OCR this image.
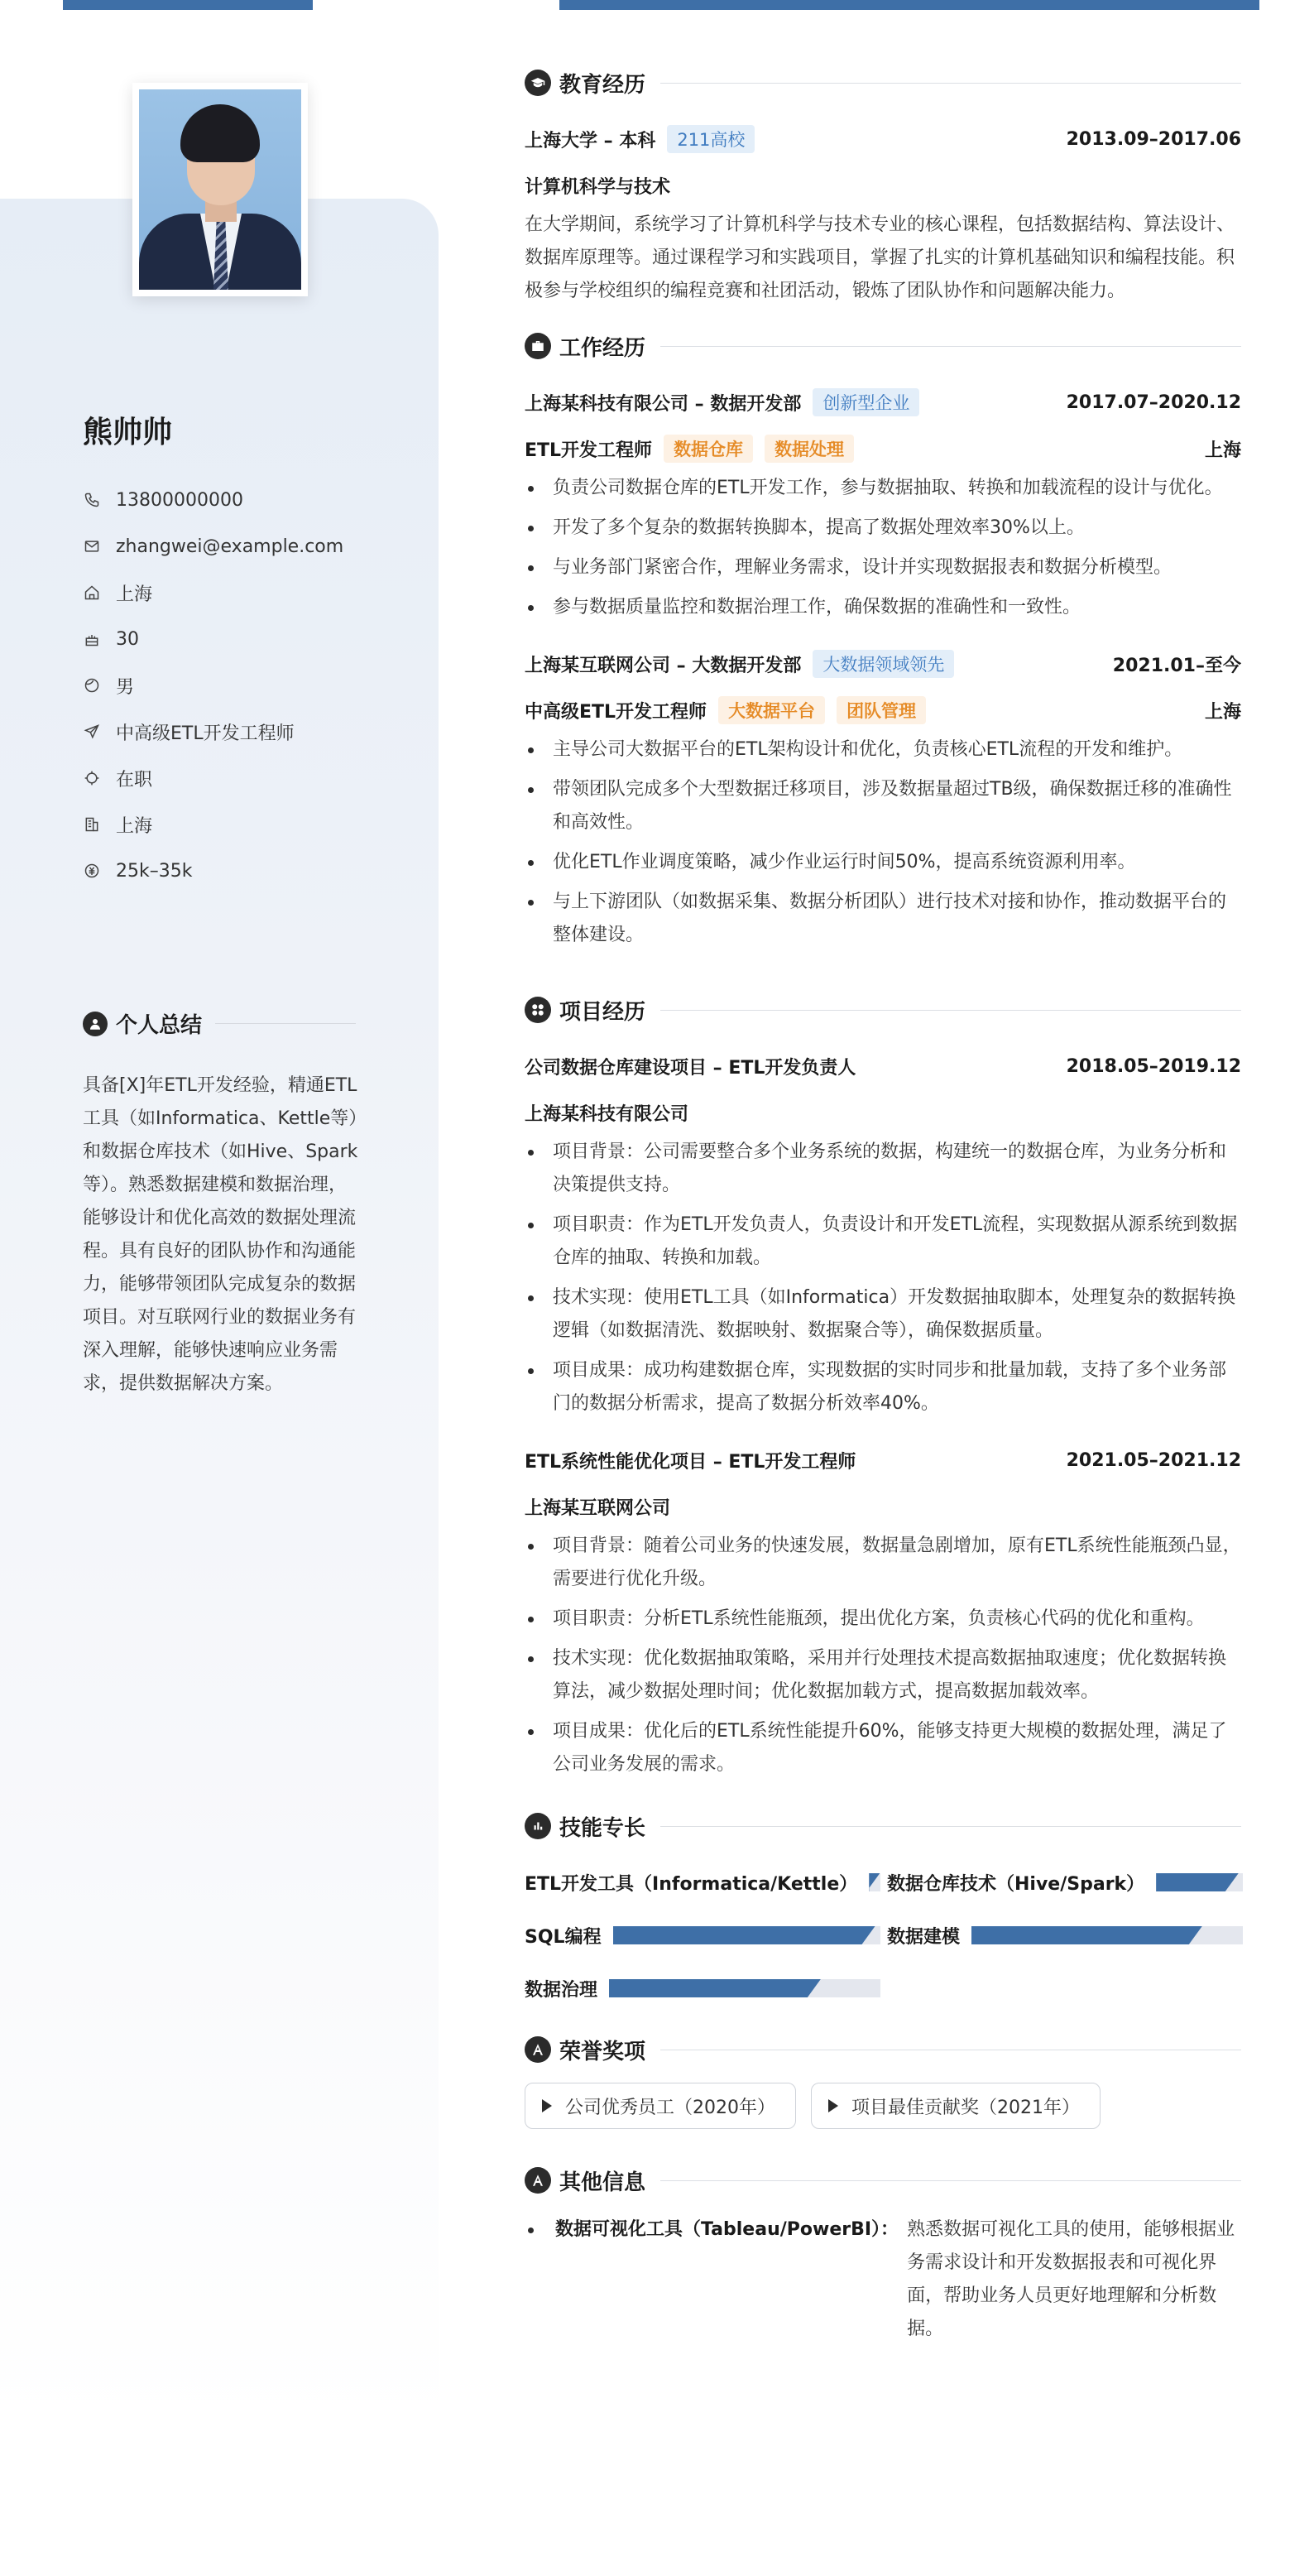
熊帅帅
13800000000
zhangwei@example.com
上海
30
男
中高级ETL开发工程师
在职
上海
25k–35k
个人总结
具备[X]年ETL开发经验，精通ETL工具（如Informatica、Kettle等）和数据仓库技术（如Hive、Spark等）。熟悉数据建模和数据治理，能够设计和优化高效的数据处理流程。具有良好的团队协作和沟通能力，能够带领团队完成复杂的数据项目。对互联网行业的数据业务有深入理解，能够快速响应业务需求，提供数据解决方案。
教育经历
上海大学 – 本科	211高校	2013.09–2017.06
计算机科学与技术
在大学期间，系统学习了计算机科学与技术专业的核心课程，包括数据结构、算法设计、数据库原理等。通过课程学习和实践项目，掌握了扎实的计算机基础知识和编程技能。积极参与学校组织的编程竞赛和社团活动，锻炼了团队协作和问题解决能力。
工作经历
上海某科技有限公司 – 数据开发部	创新型企业	2017.07–2020.12
ETL开发工程师	数据仓库	数据处理	上海
负责公司数据仓库的ETL开发工作，参与数据抽取、转换和加载流程的设计与优化。
开发了多个复杂的数据转换脚本，提高了数据处理效率30%以上。
与业务部门紧密合作，理解业务需求，设计并实现数据报表和数据分析模型。
参与数据质量监控和数据治理工作，确保数据的准确性和一致性。
上海某互联网公司 – 大数据开发部	大数据领域领先	2021.01–至今
中高级ETL开发工程师	大数据平台	团队管理	上海
主导公司大数据平台的ETL架构设计和优化，负责核心ETL流程的开发和维护。
带领团队完成多个大型数据迁移项目，涉及数据量超过TB级，确保数据迁移的准确性和高效性。
优化ETL作业调度策略，减少作业运行时间50%，提高系统资源利用率。
与上下游团队（如数据采集、数据分析团队）进行技术对接和协作，推动数据平台的整体建设。
项目经历
公司数据仓库建设项目 – ETL开发负责人	2018.05–2019.12
上海某科技有限公司
项目背景：公司需要整合多个业务系统的数据，构建统一的数据仓库，为业务分析和决策提供支持。
项目职责：作为ETL开发负责人，负责设计和开发ETL流程，实现数据从源系统到数据仓库的抽取、转换和加载。
技术实现：使用ETL工具（如Informatica）开发数据抽取脚本，处理复杂的数据转换逻辑（如数据清洗、数据映射、数据聚合等），确保数据质量。
项目成果：成功构建数据仓库，实现数据的实时同步和批量加载，支持了多个业务部门的数据分析需求，提高了数据分析效率40%。
ETL系统性能优化项目 – ETL开发工程师	2021.05–2021.12
上海某互联网公司
项目背景：随着公司业务的快速发展，数据量急剧增加，原有ETL系统性能瓶颈凸显，需要进行优化升级。
项目职责：分析ETL系统性能瓶颈，提出优化方案，负责核心代码的优化和重构。
技术实现：优化数据抽取策略，采用并行处理技术提高数据抽取速度；优化数据转换算法，减少数据处理时间；优化数据加载方式，提高数据加载效率。
项目成果：优化后的ETL系统性能提升60%，能够支持更大规模的数据处理，满足了公司业务发展的需求。
技能专长
ETL开发工具（Informatica/Kettle） 数据仓库技术（Hive/Spark）
SQL编程	数据建模
数据治理
荣誉奖项
公司优秀员工（2020年）	项目最佳贡献奖（2021年）
其他信息
数据可视化工具（Tableau/PowerBI）： 熟悉数据可视化工具的使用，能够根据业务需求设计和开发数据报表和可视化界面，帮助业务人员更好地理解和分析数据。
